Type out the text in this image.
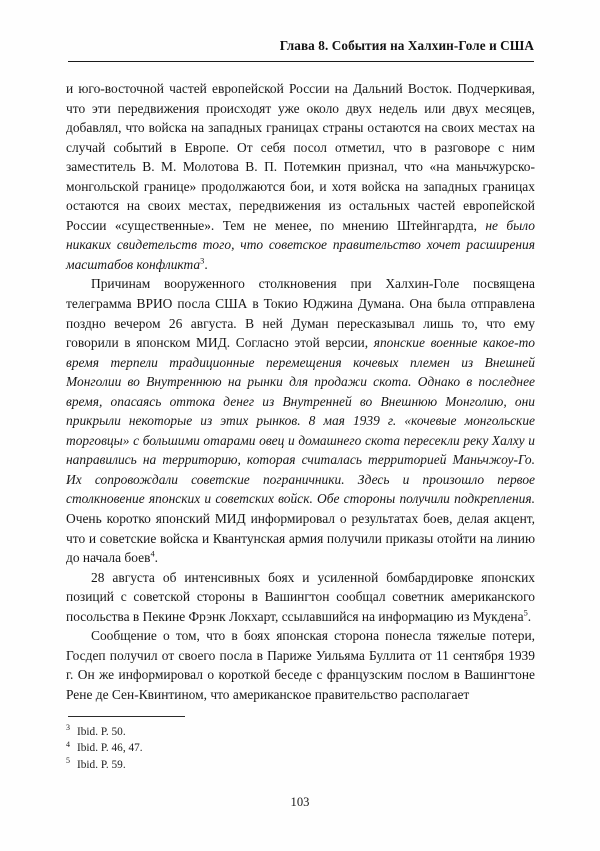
Глава 8. События на Халхин-Голе и США

и юго-восточной частей европейской России на Дальний Восток. Подчеркивая, что эти передвижения происходят уже около двух недель или двух месяцев, добавлял, что войска на западных границах страны остаются на своих местах на случай событий в Европе. От себя посол отметил, что в разговоре с ним заместитель В. М. Молотова В. П. Потемкин признал, что «на маньчжурско-монгольской границе» продолжаются бои, и хотя войска на западных границах остаются на своих местах, передвижения из остальных частей европейской России «существенные». Тем не менее, по мнению Штейнгардта, не было никаких свидетельств того, что советское правительство хочет расширения масштабов конфликта$^3$.

Причинам вооруженного столкновения при Халхин-Голе посвящена телеграмма ВРИО посла США в Токио Юджина Думана. Она была отправлена поздно вечером 26 августа. В ней Думан пересказывал лишь то, что ему говорили в японском МИД. Согласно этой версии, японские военные какое-то время терпели традиционные перемещения кочевых племен из Внешней Монголии во Внутреннюю на рынки для продажи скота. Однако в последнее время, опасаясь оттока денег из Внутренней во Внешнюю Монголию, они прикрыли некоторые из этих рынков. 8 мая 1939 г. «кочевые монгольские торговцы» с большими отарами овец и домашнего скота пересекли реку Халху и направились на территорию, которая считалась территорией Маньчжоу-Го. Их сопровождали советские пограничники. Здесь и произошло первое столкновение японских и советских войск. Обе стороны получили подкрепления. Очень коротко японский МИД информировал о результатах боев, делая акцент, что и советские войска и Квантунская армия получили приказы отойти на линию до начала боев$^4$.

28 августа об интенсивных боях и усиленной бомбардировке японских позиций с советской стороны в Вашингтон сообщал советник американского посольства в Пекине Фрэнк Локхарт, ссылавшийся на информацию из Мукдена$^5$.

Сообщение о том, что в боях японская сторона понесла тяжелые потери, Госдеп получил от своего посла в Париже Уильяма Буллита от 11 сентября 1939 г. Он же информировал о короткой беседе с французским послом в Вашингтоне Рене де Сен-Квинтином, что американское правительство располагает

3 Ibid. P. 50.
4 Ibid. P. 46, 47.
5 Ibid. P. 59.
103
